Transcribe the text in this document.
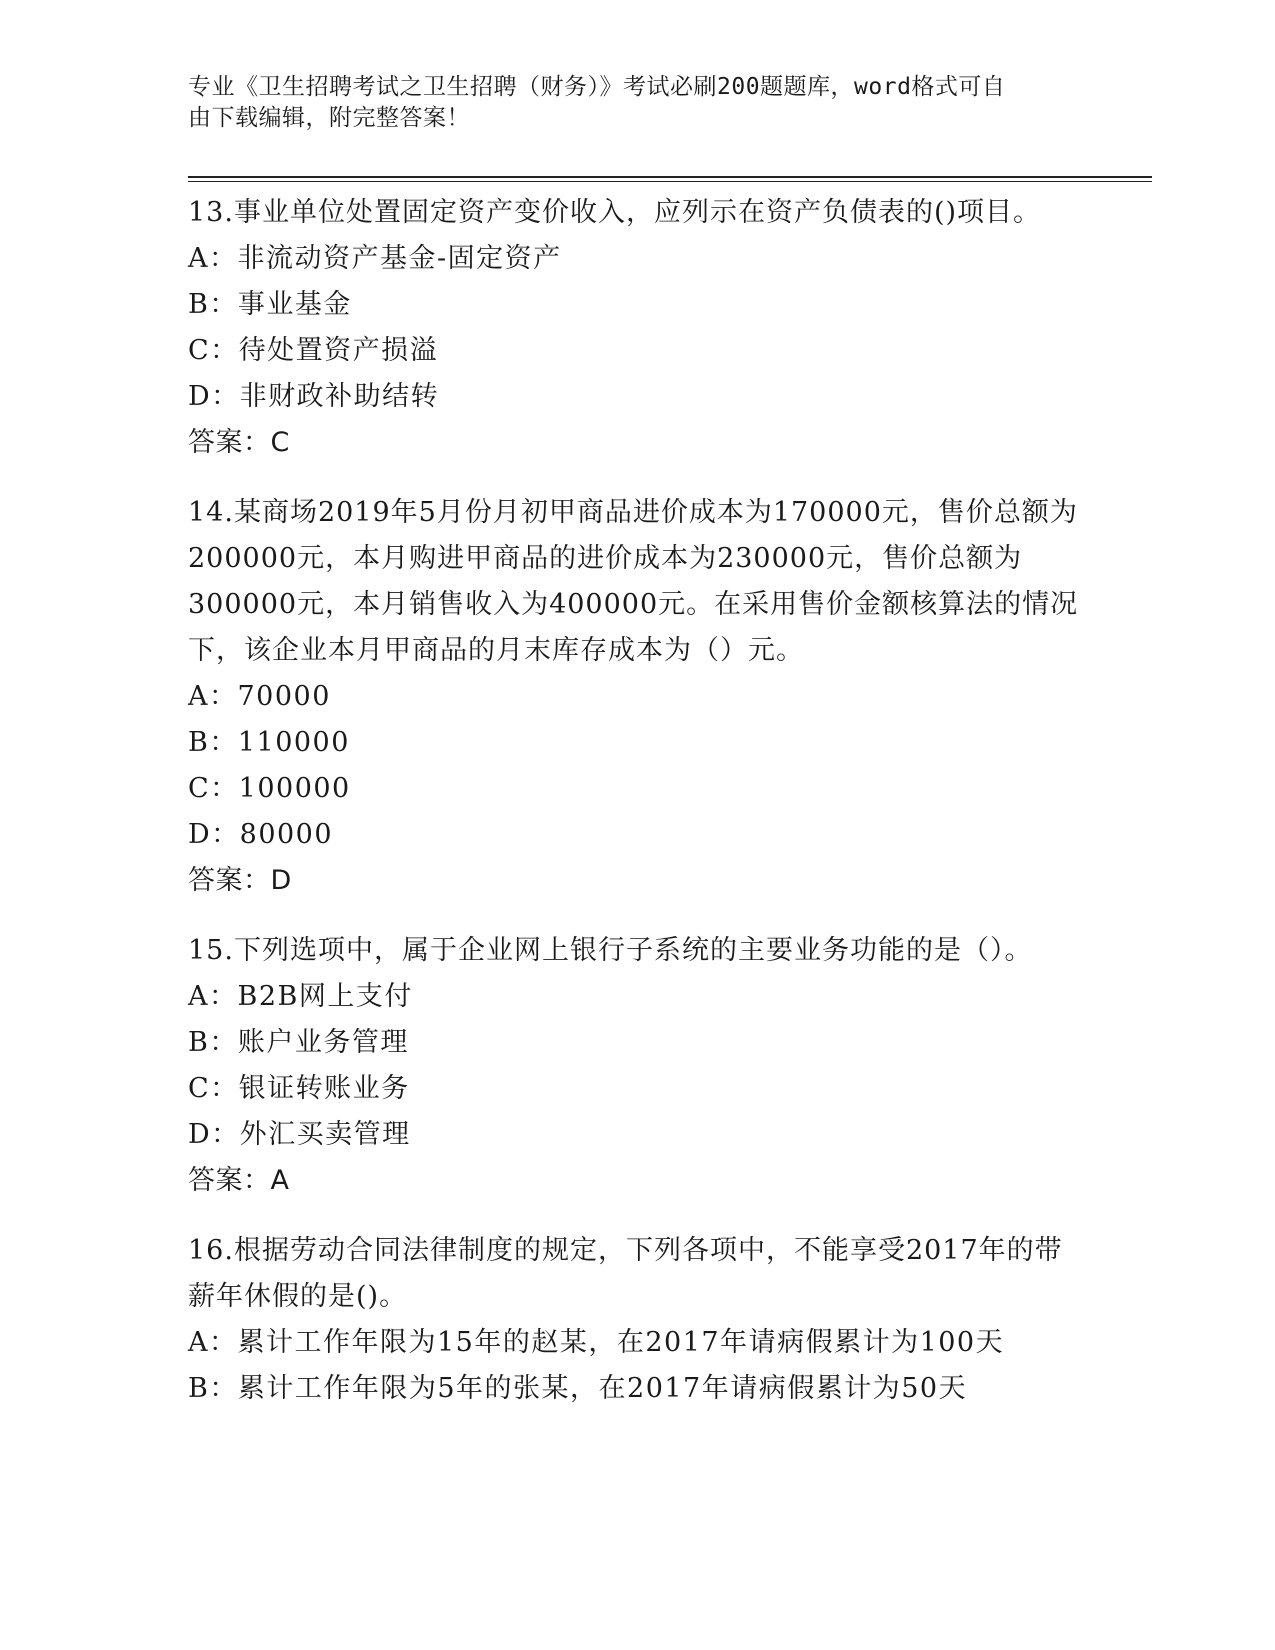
专业《卫生招聘考试之卫生招聘（财务）》考试必刷200题题库，word格式可自
由下载编辑，附完整答案！
13.事业单位处置固定资产变价收入，应列示在资产负债表的()项目。
A：非流动资产基金-固定资产
B：事业基金
C：待处置资产损溢
D：非财政补助结转
答案：C
14.某商场2019年5月份月初甲商品进价成本为170000元，售价总额为200000元，本月购进甲商品的进价成本为230000元，售价总额为300000元，本月销售收入为400000元。在采用售价金额核算法的情况下，该企业本月甲商品的月末库存成本为（）元。
A：70000
B：110000
C：100000
D：80000
答案：D
15.下列选项中，属于企业网上银行子系统的主要业务功能的是（）。
A：B2B网上支付
B：账户业务管理
C：银证转账业务
D：外汇买卖管理
答案：A
16.根据劳动合同法律制度的规定，下列各项中，不能享受2017年的带薪年休假的是()。
A：累计工作年限为15年的赵某，在2017年请病假累计为100天
B：累计工作年限为5年的张某，在2017年请病假累计为50天
